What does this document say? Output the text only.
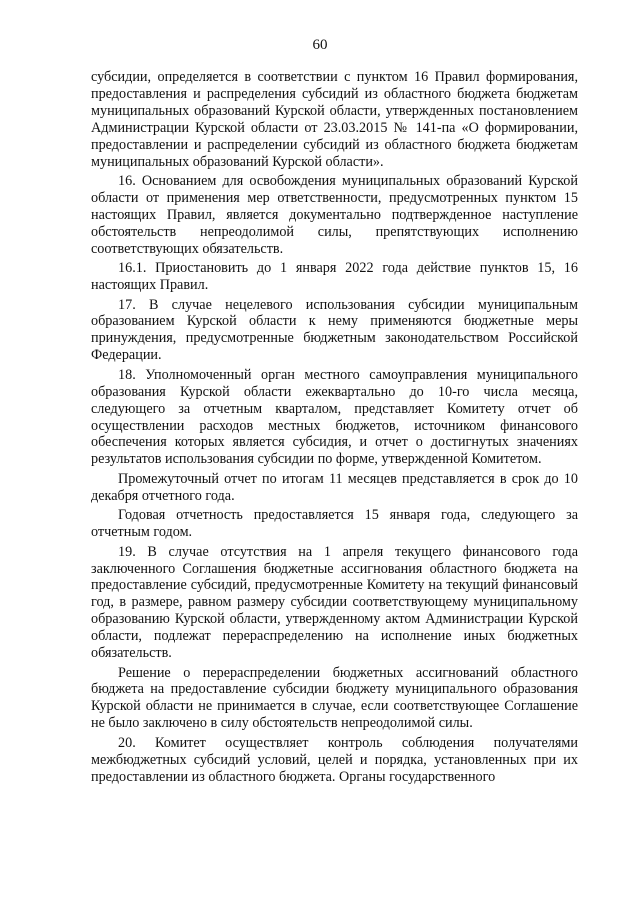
60

субсидии, определяется в соответствии с пунктом 16 Правил формирования, предоставления и распределения субсидий из областного бюджета бюджетам муниципальных образований Курской области, утвержденных постановлением Администрации Курской области от 23.03.2015 № 141-па «О формировании, предоставлении и распределении субсидий из областного бюджета бюджетам муниципальных образований Курской области».

16. Основанием для освобождения муниципальных образований Курской области от применения мер ответственности, предусмотренных пунктом 15 настоящих Правил, является документально подтвержденное наступление обстоятельств непреодолимой силы, препятствующих исполнению соответствующих обязательств.

16.1. Приостановить до 1 января 2022 года действие пунктов 15, 16 настоящих Правил.

17. В случае нецелевого использования субсидии муниципальным образованием Курской области к нему применяются бюджетные меры принуждения, предусмотренные бюджетным законодательством Российской Федерации.

18. Уполномоченный орган местного самоуправления муниципального образования Курской области ежеквартально до 10-го числа месяца, следующего за отчетным кварталом, представляет Комитету отчет об осуществлении расходов местных бюджетов, источником финансового обеспечения которых является субсидия, и отчет о достигнутых значениях результатов использования субсидии по форме, утвержденной Комитетом.

Промежуточный отчет по итогам 11 месяцев представляется в срок до 10 декабря отчетного года.

Годовая отчетность предоставляется 15 января года, следующего за отчетным годом.

19. В случае отсутствия на 1 апреля текущего финансового года заключенного Соглашения бюджетные ассигнования областного бюджета на предоставление субсидий, предусмотренные Комитету на текущий финансовый год, в размере, равном размеру субсидии соответствующему муниципальному образованию Курской области, утвержденному актом Администрации Курской области, подлежат перераспределению на исполнение иных бюджетных обязательств.

Решение о перераспределении бюджетных ассигнований областного бюджета на предоставление субсидии бюджету муниципального образования Курской области не принимается в случае, если соответствующее Соглашение не было заключено в силу обстоятельств непреодолимой силы.

20. Комитет осуществляет контроль соблюдения получателями межбюджетных субсидий условий, целей и порядка, установленных при их предоставлении из областного бюджета. Органы государственного
